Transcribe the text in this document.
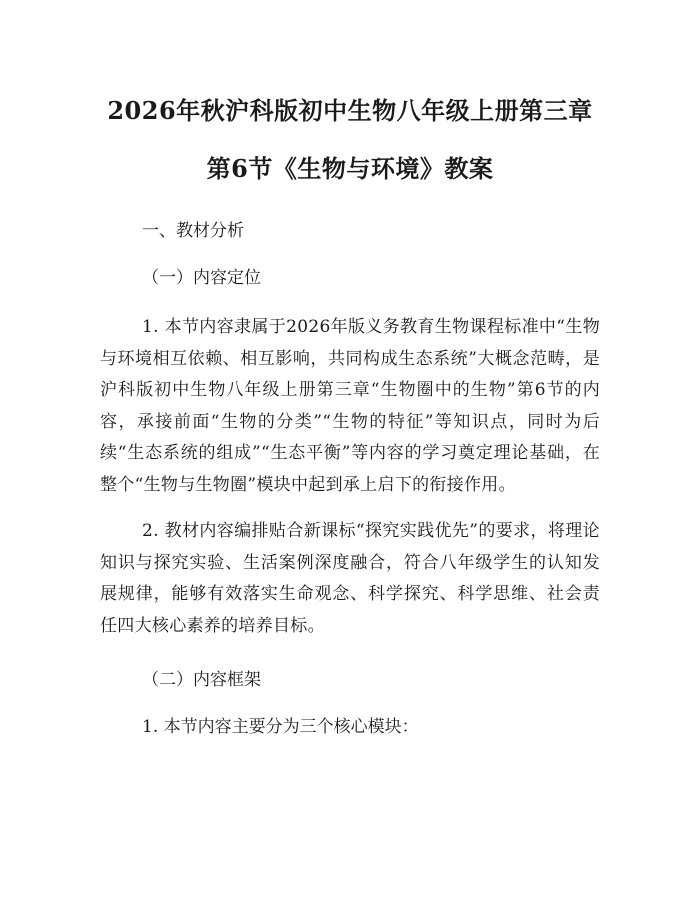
2026年秋沪科版初中生物八年级上册第三章
第6节《生物与环境》教案

一、教材分析

（一）内容定位

1. 本节内容隶属于2026年版义务教育生物课程标准中“生物与环境相互依赖、相互影响，共同构成生态系统”大概念范畴，是沪科版初中生物八年级上册第三章“生物圈中的生物”第6节的内容，承接前面“生物的分类”“生物的特征”等知识点，同时为后续“生态系统的组成”“生态平衡”等内容的学习奠定理论基础，在整个“生物与生物圈”模块中起到承上启下的衔接作用。

2. 教材内容编排贴合新课标“探究实践优先”的要求，将理论知识与探究实验、生活案例深度融合，符合八年级学生的认知发展规律，能够有效落实生命观念、科学探究、科学思维、社会责任四大核心素养的培养目标。

（二）内容框架

1. 本节内容主要分为三个核心模块：
